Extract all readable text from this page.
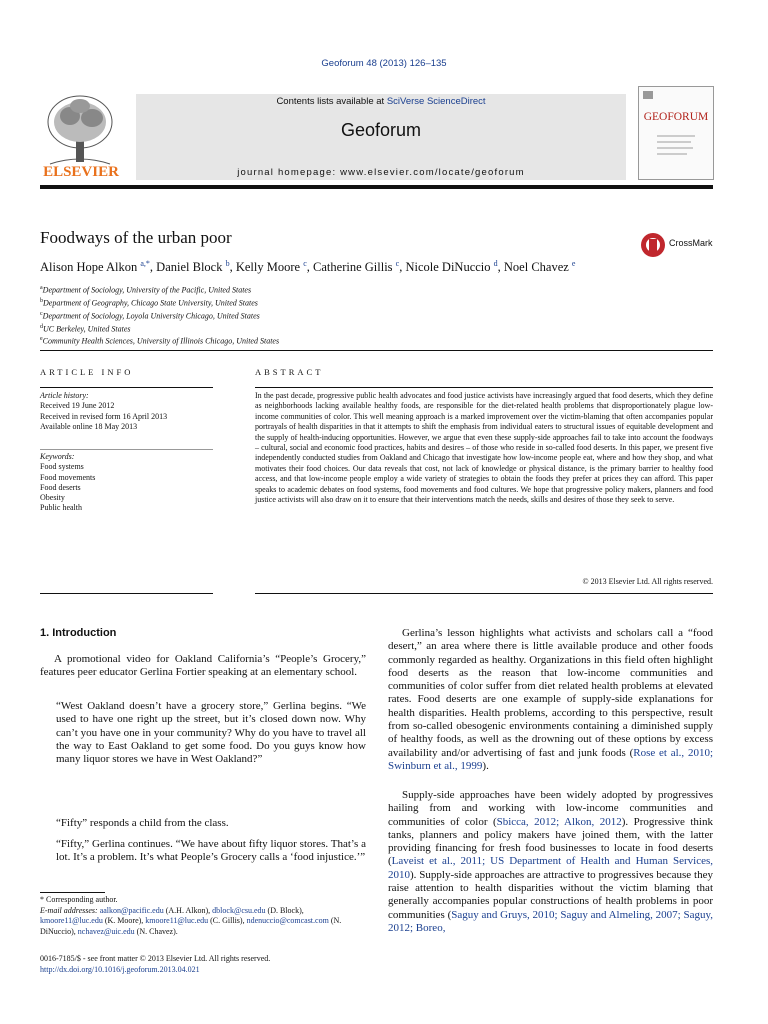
Geoforum 48 (2013) 126–135
ELSEVIER
Contents lists available at SciVerse ScienceDirect
Geoforum
journal homepage: www.elsevier.com/locate/geoforum
GEOFORUM
Foodways of the urban poor	CrossMark
Alison Hope Alkon $^{a,*}$, Daniel Block $^b$, Kelly Moore $^c$, Catherine Gillis $^c$, Nicole DiNuccio $^d$, Noel Chavez $^e$
$^a$Department of Sociology, University of the Pacific, United States
$^b$Department of Geography, Chicago State University, United States
$^c$Department of Sociology, Loyola University Chicago, United States
$^d$UC Berkeley, United States
$^e$Community Health Sciences, University of Illinois Chicago, United States
ARTICLE INFO	ABSTRACT
Article history:
Received 19 June 2012
Received in revised form 16 April 2013
Available online 18 May 2013
Keywords:
Food systems
Food movements
Food deserts
Obesity
Public health
In the past decade, progressive public health advocates and food justice activists have increasingly argued that food deserts, which they define as neighborhoods lacking available healthy foods, are responsible for the diet-related health problems that disproportionately plague low-income communities of color. This well meaning approach is a marked improvement over the victim-blaming that often accompanies popular portrayals of health disparities in that it attempts to shift the emphasis from individual eaters to structural issues of equitable development and the supply of health-inducing opportunities. However, we argue that even these supply-side approaches fail to take into account the foodways – cultural, social and economic food practices, habits and desires – of those who reside in so-called food deserts. In this paper, we present five independently conducted studies from Oakland and Chicago that investigate how low-income people eat, where and how they shop, and what motivates their food choices. Our data reveals that cost, not lack of knowledge or physical distance, is the primary barrier to healthy food access, and that low-income people employ a wide variety of strategies to obtain the foods they prefer at prices they can afford. This paper speaks to academic debates on food systems, food movements and food cultures. We hope that progressive policy makers, planners and food justice activists will also draw on it to ensure that their interventions match the needs, skills and desires of those they seek to serve.
© 2013 Elsevier Ltd. All rights reserved.
1. Introduction
A promotional video for Oakland California’s “People’s Grocery,” features peer educator Gerlina Fortier speaking at an elementary school.
“West Oakland doesn’t have a grocery store,” Gerlina begins. “We used to have one right up the street, but it’s closed down now. Why can’t you have one in your community? Why do you have to travel all the way to East Oakland to get some food. Do you guys know how many liquor stores we have in West Oakland?”
“Fifty” responds a child from the class.
“Fifty,” Gerlina continues. “We have about fifty liquor stores. That’s a lot. It’s a problem. It’s what People’s Grocery calls a ‘food injustice.’”
* Corresponding author.
E-mail addresses: aalkon@pacific.edu (A.H. Alkon), dblock@csu.edu (D. Block), kmoore11@luc.edu (K. Moore), kmoore11@luc.edu (C. Gillis), ndenuccio@comcast.com (N. DiNuccio), nchavez@uic.edu (N. Chavez).
0016-7185/$ - see front matter © 2013 Elsevier Ltd. All rights reserved.
http://dx.doi.org/10.1016/j.geoforum.2013.04.021
Gerlina’s lesson highlights what activists and scholars call a “food desert,” an area where there is little available produce and other foods commonly regarded as healthy. Organizations in this field often highlight food deserts as the reason that low-income communities and communities of color suffer from diet related health problems at elevated rates. Food deserts are one example of supply-side explanations for health disparities. Health problems, according to this perspective, result from so-called obesogenic environments containing a diminished supply of healthy foods, as well as the drowning out of these options by excess availability and/or advertising of fast and junk foods (Rose et al., 2010; Swinburn et al., 1999).
Supply-side approaches have been widely adopted by progressives hailing from and working with low-income communities and communities of color (Sbicca, 2012; Alkon, 2012). Progressive think tanks, planners and policy makers have joined them, with the latter providing financing for fresh food businesses to locate in food deserts (Laveist et al., 2011; US Department of Health and Human Services, 2010). Supply-side approaches are attractive to progressives because they raise attention to health disparities without the victim blaming that generally accompanies popular constructions of health problems in poor communities (Saguy and Gruys, 2010; Saguy and Almeling, 2007; Saguy, 2012; Boreo,
